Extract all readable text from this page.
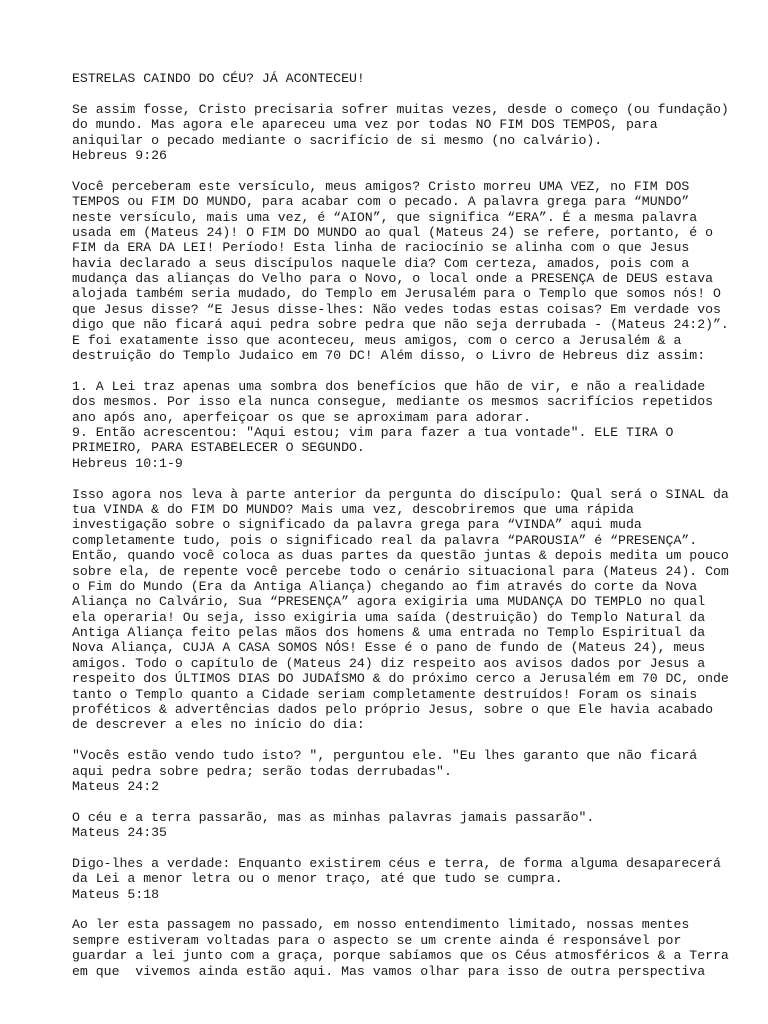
ESTRELAS CAINDO DO CÉU? JÁ ACONTECEU!
Se assim fosse, Cristo precisaria sofrer muitas vezes, desde o começo (ou fundação)
do mundo. Mas agora ele apareceu uma vez por todas NO FIM DOS TEMPOS, para
aniquilar o pecado mediante o sacrifício de si mesmo (no calvário).
Hebreus 9:26
Você perceberam este versículo, meus amigos? Cristo morreu UMA VEZ, no FIM DOS
TEMPOS ou FIM DO MUNDO, para acabar com o pecado. A palavra grega para “MUNDO”
neste versículo, mais uma vez, é “AION”, que significa “ERA”. É a mesma palavra
usada em (Mateus 24)! O FIM DO MUNDO ao qual (Mateus 24) se refere, portanto, é o
FIM da ERA DA LEI! Período! Esta linha de raciocínio se alinha com o que Jesus
havia declarado a seus discípulos naquele dia? Com certeza, amados, pois com a
mudança das alianças do Velho para o Novo, o local onde a PRESENÇA de DEUS estava
alojada também seria mudado, do Templo em Jerusalém para o Templo que somos nós! O
que Jesus disse? “E Jesus disse-lhes: Não vedes todas estas coisas? Em verdade vos
digo que não ficará aqui pedra sobre pedra que não seja derrubada - (Mateus 24:2)”.
E foi exatamente isso que aconteceu, meus amigos, com o cerco a Jerusalém & a
destruição do Templo Judaico em 70 DC! Além disso, o Livro de Hebreus diz assim:
1. A Lei traz apenas uma sombra dos benefícios que hão de vir, e não a realidade
dos mesmos. Por isso ela nunca consegue, mediante os mesmos sacrifícios repetidos
ano após ano, aperfeiçoar os que se aproximam para adorar.
9. Então acrescentou: "Aqui estou; vim para fazer a tua vontade". ELE TIRA O
PRIMEIRO, PARA ESTABELECER O SEGUNDO.
Hebreus 10:1-9
Isso agora nos leva à parte anterior da pergunta do discípulo: Qual será o SINAL da
tua VINDA & do FIM DO MUNDO? Mais uma vez, descobriremos que uma rápida
investigação sobre o significado da palavra grega para “VINDA” aqui muda
completamente tudo, pois o significado real da palavra “PAROUSIA” é “PRESENÇA”.
Então, quando você coloca as duas partes da questão juntas & depois medita um pouco
sobre ela, de repente você percebe todo o cenário situacional para (Mateus 24). Com
o Fim do Mundo (Era da Antiga Aliança) chegando ao fim através do corte da Nova
Aliança no Calvário, Sua “PRESENÇA” agora exigiria uma MUDANÇA DO TEMPLO no qual
ela operaria! Ou seja, isso exigiria uma saída (destruição) do Templo Natural da
Antiga Aliança feito pelas mãos dos homens & uma entrada no Templo Espiritual da
Nova Aliança, CUJA A CASA SOMOS NÓS! Esse é o pano de fundo de (Mateus 24), meus
amigos. Todo o capítulo de (Mateus 24) diz respeito aos avisos dados por Jesus a
respeito dos ÚLTIMOS DIAS DO JUDAÍSMO & do próximo cerco a Jerusalém em 70 DC, onde
tanto o Templo quanto a Cidade seriam completamente destruídos! Foram os sinais
proféticos & advertências dados pelo próprio Jesus, sobre o que Ele havia acabado
de descrever a eles no início do dia:
"Vocês estão vendo tudo isto? ", perguntou ele. "Eu lhes garanto que não ficará
aqui pedra sobre pedra; serão todas derrubadas".
Mateus 24:2
O céu e a terra passarão, mas as minhas palavras jamais passarão".
Mateus 24:35
Digo-lhes a verdade: Enquanto existirem céus e terra, de forma alguma desaparecerá
da Lei a menor letra ou o menor traço, até que tudo se cumpra.
Mateus 5:18
Ao ler esta passagem no passado, em nosso entendimento limitado, nossas mentes
sempre estiveram voltadas para o aspecto se um crente ainda é responsável por
guardar a lei junto com a graça, porque sabíamos que os Céus atmosféricos & a Terra
em que  vivemos ainda estão aqui. Mas vamos olhar para isso de outra perspectiva
